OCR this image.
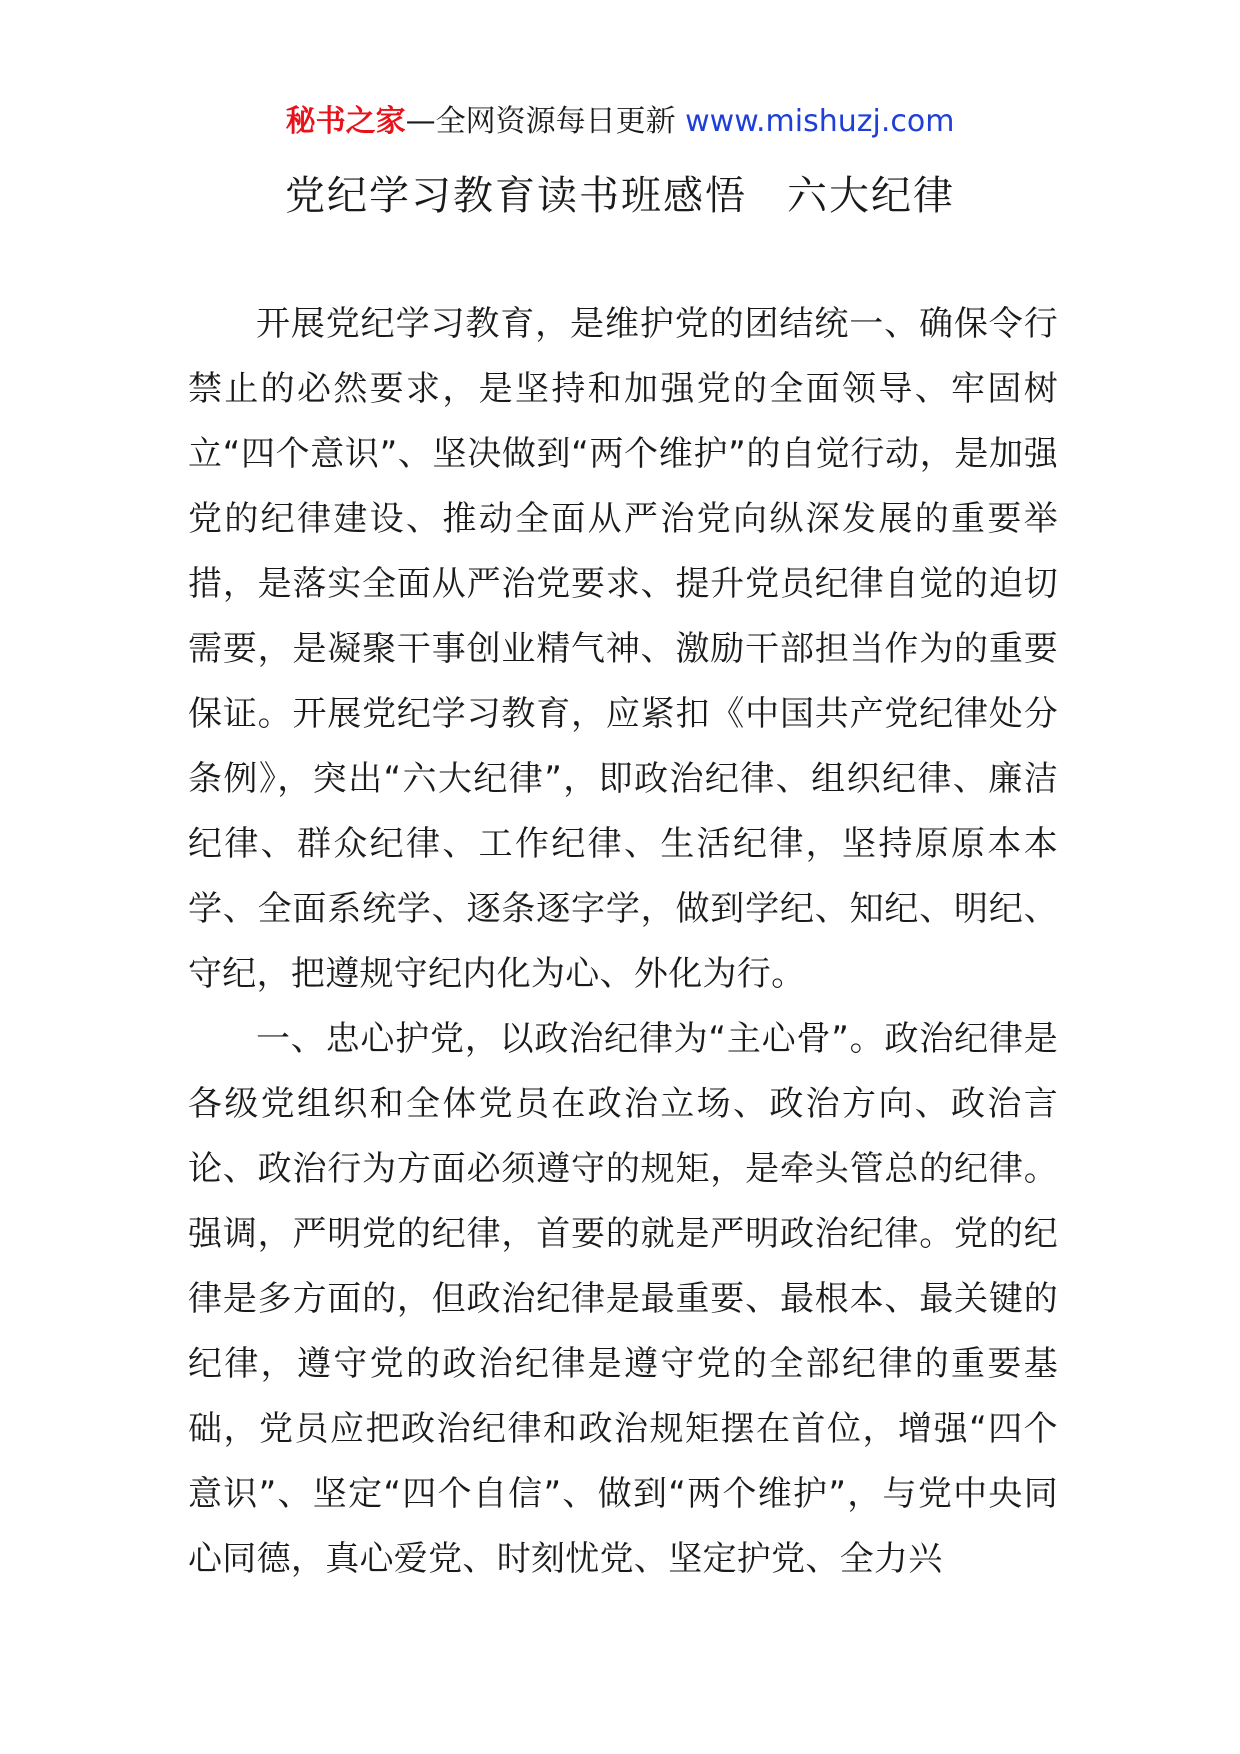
秘书之家—全网资源每日更新 www.mishuzj.com
党纪学习教育读书班感悟 六大纪律

开展党纪学习教育，是维护党的团结统一、确保令行禁止的必然要求，是坚持和加强党的全面领导、牢固树立“四个意识”、坚决做到“两个维护”的自觉行动，是加强党的纪律建设、推动全面从严治党向纵深发展的重要举措，是落实全面从严治党要求、提升党员纪律自觉的迫切需要，是凝聚干事创业精气神、激励干部担当作为的重要保证。开展党纪学习教育，应紧扣《中国共产党纪律处分条例》，突出“六大纪律”，即政治纪律、组织纪律、廉洁纪律、群众纪律、工作纪律、生活纪律，坚持原原本本学、全面系统学、逐条逐字学，做到学纪、知纪、明纪、守纪，把遵规守纪内化为心、外化为行。

一、忠心护党，以政治纪律为“主心骨”。政治纪律是各级党组织和全体党员在政治立场、政治方向、政治言论、政治行为方面必须遵守的规矩，是牵头管总的纪律。强调，严明党的纪律，首要的就是严明政治纪律。党的纪律是多方面的，但政治纪律是最重要、最根本、最关键的纪律，遵守党的政治纪律是遵守党的全部纪律的重要基础，党员应把政治纪律和政治规矩摆在首位，增强“四个意识”、坚定“四个自信”、做到“两个维护”，与党中央同心同德，真心爱党、时刻忧党、坚定护党、全力兴
